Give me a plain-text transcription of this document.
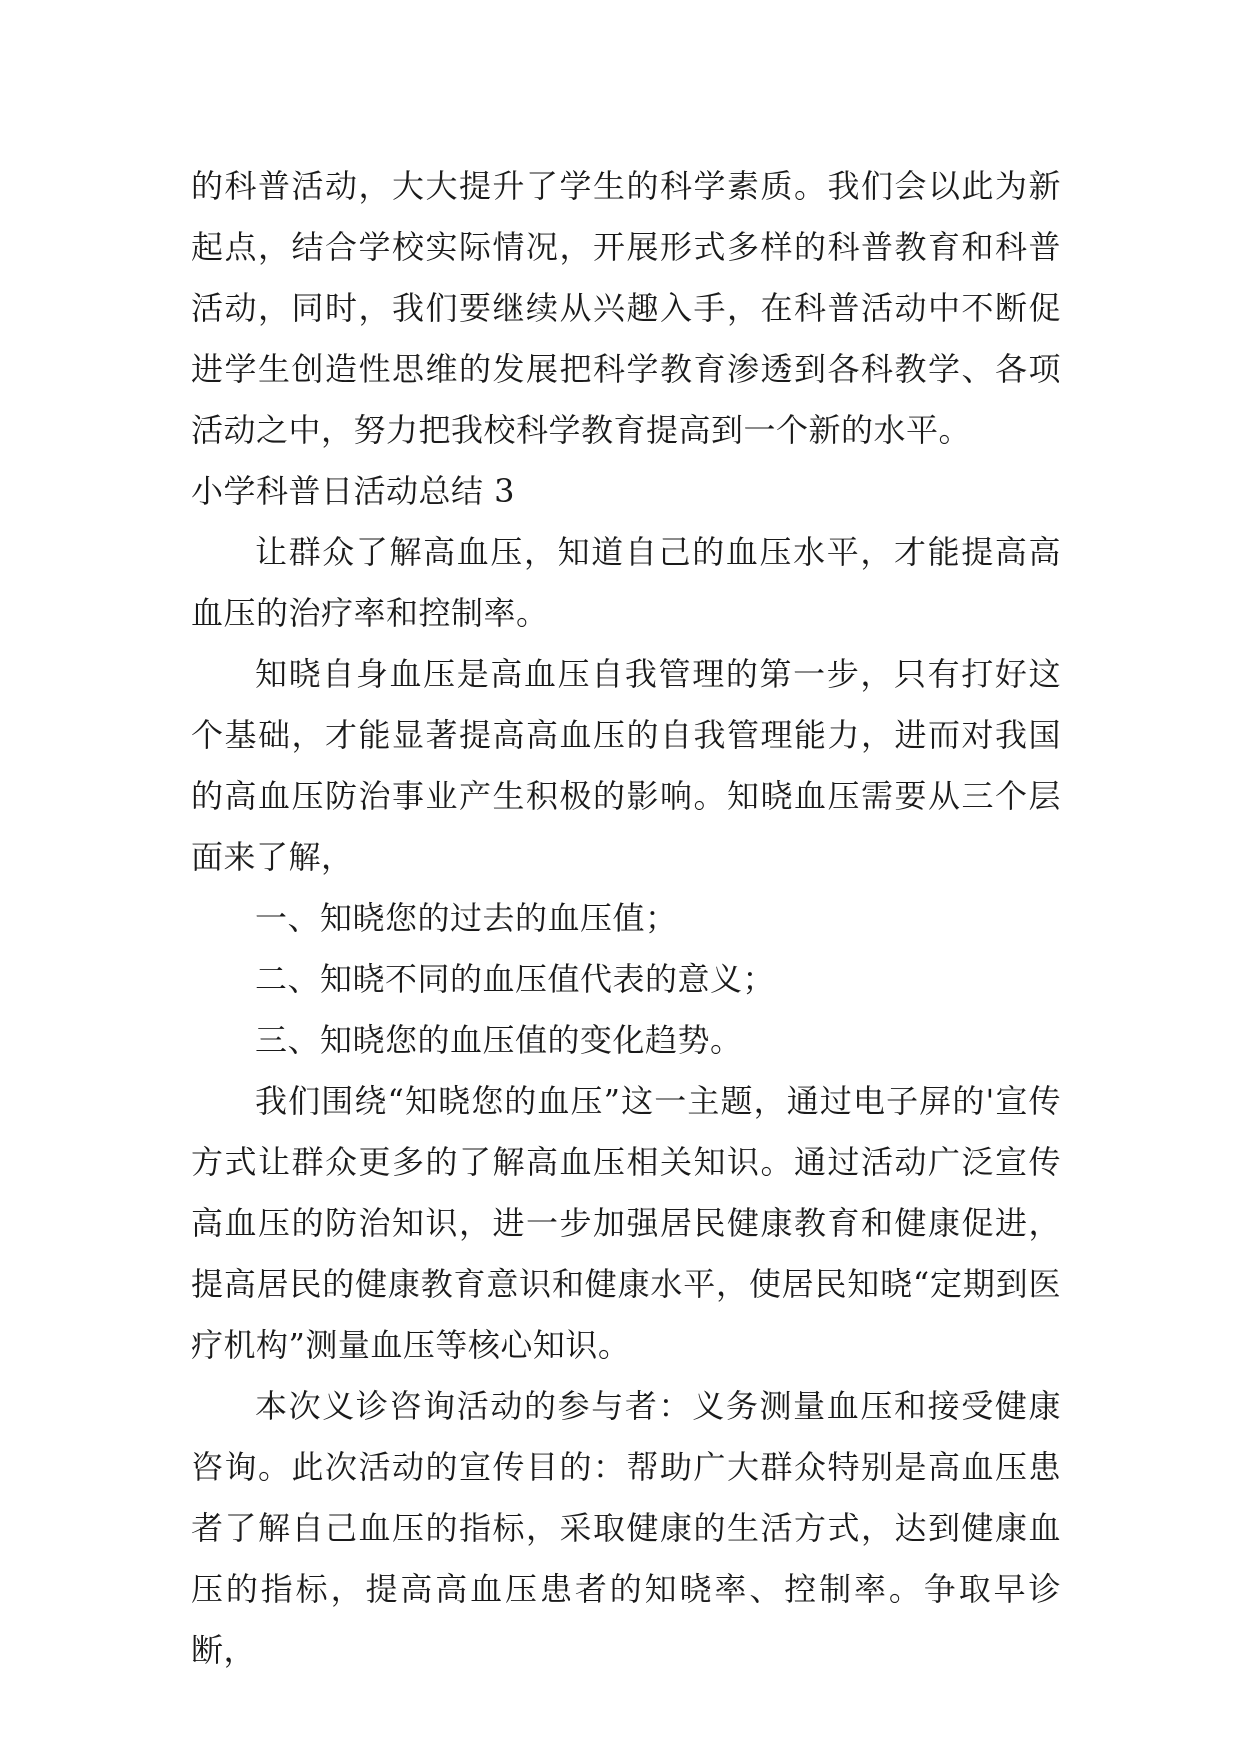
的科普活动，大大提升了学生的科学素质。我们会以此为新起点，结合学校实际情况，开展形式多样的科普教育和科普活动，同时，我们要继续从兴趣入手，在科普活动中不断促进学生创造性思维的发展把科学教育渗透到各科教学、各项活动之中，努力把我校科学教育提高到一个新的水平。

小学科普日活动总结 3

让群众了解高血压，知道自己的血压水平，才能提高高血压的治疗率和控制率。

知晓自身血压是高血压自我管理的第一步，只有打好这个基础，才能显著提高高血压的自我管理能力，进而对我国的高血压防治事业产生积极的影响。知晓血压需要从三个层面来了解，

一、知晓您的过去的血压值；

二、知晓不同的血压值代表的意义；

三、知晓您的血压值的变化趋势。

我们围绕“知晓您的血压”这一主题，通过电子屏的'宣传方式让群众更多的了解高血压相关知识。通过活动广泛宣传高血压的防治知识，进一步加强居民健康教育和健康促进，提高居民的健康教育意识和健康水平，使居民知晓“定期到医疗机构”测量血压等核心知识。

本次义诊咨询活动的参与者：义务测量血压和接受健康咨询。此次活动的宣传目的：帮助广大群众特别是高血压患者了解自己血压的指标，采取健康的生活方式，达到健康血压的指标，提高高血压患者的知晓率、控制率。争取早诊断，
